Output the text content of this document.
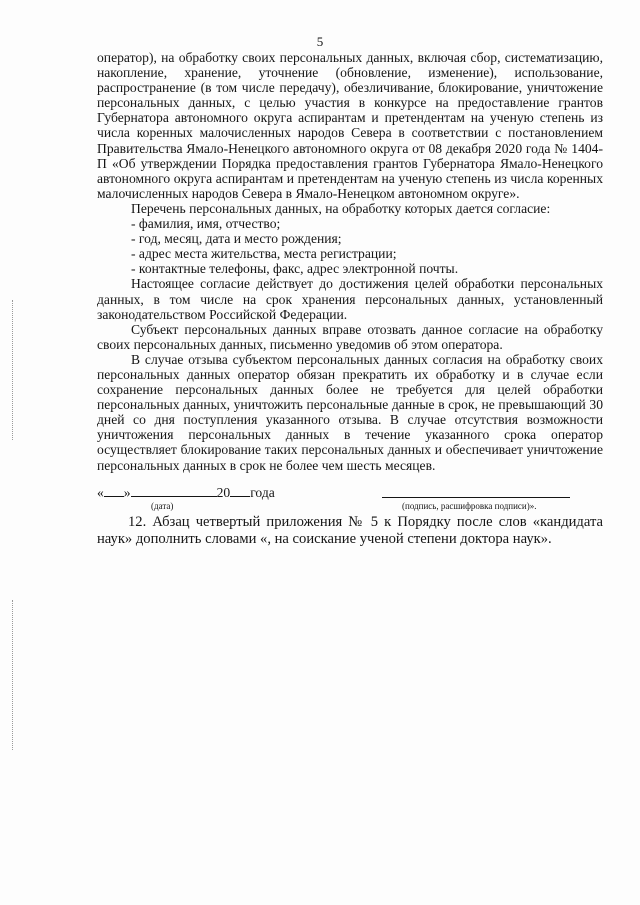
5

оператор), на обработку своих персональных данных, включая сбор, систематизацию, накопление, хранение, уточнение (обновление, изменение), использование, распространение (в том числе передачу), обезличивание, блокирование, уничтожение персональных данных, с целью участия в конкурсе на предоставление грантов Губернатора автономного округа аспирантам и претендентам на ученую степень из числа коренных малочисленных народов Севера в соответствии с постановлением Правительства Ямало-Ненецкого автономного округа от 08 декабря 2020 года № 1404-П «Об утверждении Порядка предоставления грантов Губернатора Ямало-Ненецкого автономного округа аспирантам и претендентам на ученую степень из числа коренных малочисленных народов Севера в Ямало-Ненецком автономном округе».

Перечень персональных данных, на обработку которых дается согласие:

- фамилия, имя, отчество;

- год, месяц, дата и место рождения;

- адрес места жительства, места регистрации;

- контактные телефоны, факс, адрес электронной почты.

Настоящее согласие действует до достижения целей обработки персональных данных, в том числе на срок хранения персональных данных, установленный законодательством Российской Федерации.

Субъект персональных данных вправе отозвать данное согласие на обработку своих персональных данных, письменно уведомив об этом оператора.

В случае отзыва субъектом персональных данных согласия на обработку своих персональных данных оператор обязан прекратить их обработку и в случае если сохранение персональных данных более не требуется для целей обработки персональных данных, уничтожить персональные данные в срок, не превышающий 30 дней со дня поступления указанного отзыва. В случае отсутствия возможности уничтожения персональных данных в течение указанного срока оператор осуществляет блокирование таких персональных данных и обеспечивает уничтожение персональных данных в срок не более чем шесть месяцев.

« »	20 года
(дата)	(подпись, расшифровка подписи)».

12. Абзац четвертый приложения № 5 к Порядку после слов «кандидата наук» дополнить словами «, на соискание ученой степени доктора наук».
